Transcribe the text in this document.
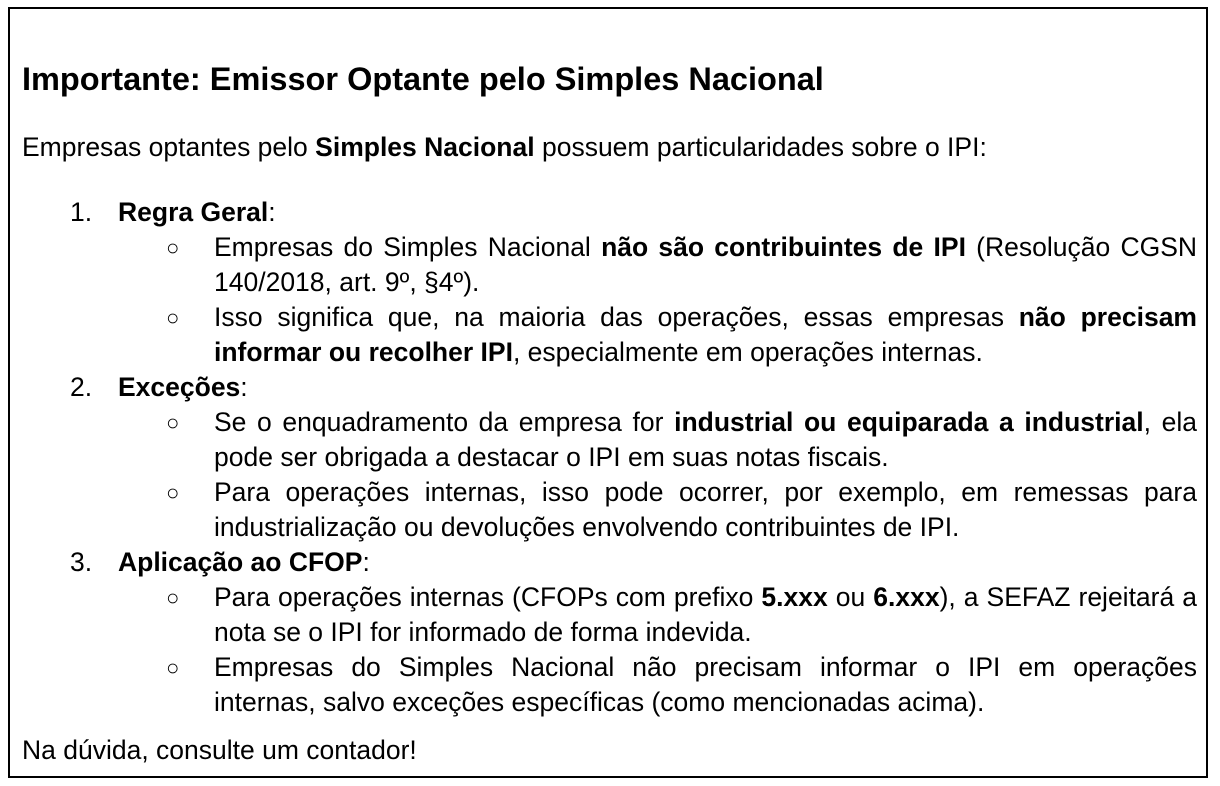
Importante: Emissor Optante pelo Simples Nacional

Empresas optantes pelo Simples Nacional possuem particularidades sobre o IPI:

1. Regra Geral:
○ Empresas do Simples Nacional não são contribuintes de IPI (Resolução CGSN 140/2018, art. 9º, §4º).
○ Isso significa que, na maioria das operações, essas empresas não precisam informar ou recolher IPI, especialmente em operações internas.
2. Exceções:
○ Se o enquadramento da empresa for industrial ou equiparada a industrial, ela pode ser obrigada a destacar o IPI em suas notas fiscais.
○ Para operações internas, isso pode ocorrer, por exemplo, em remessas para industrialização ou devoluções envolvendo contribuintes de IPI.
3. Aplicação ao CFOP:
○ Para operações internas (CFOPs com prefixo 5.xxx ou 6.xxx), a SEFAZ rejeitará a nota se o IPI for informado de forma indevida.
○ Empresas do Simples Nacional não precisam informar o IPI em operações internas, salvo exceções específicas (como mencionadas acima).

Na dúvida, consulte um contador!
